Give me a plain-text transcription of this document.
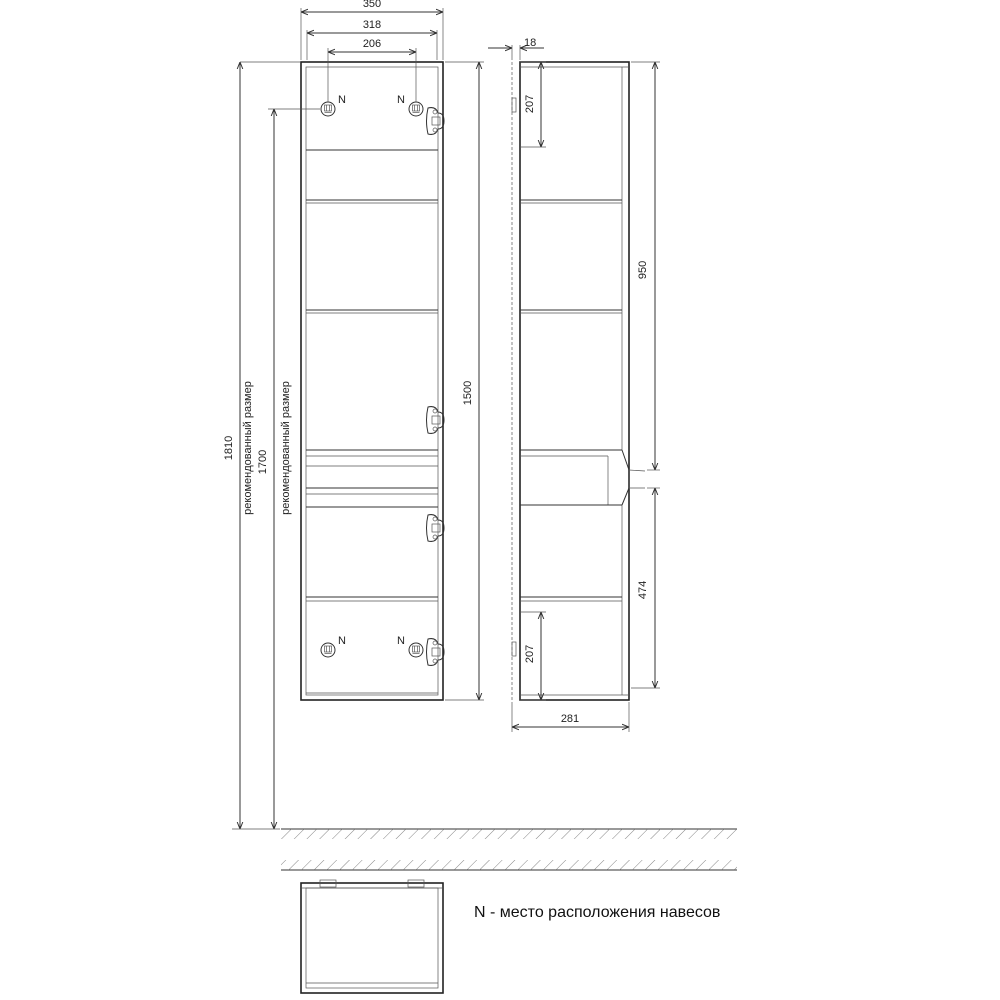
N	N
N	N
350
318
206
1500
1810 рекомендованный размер 1700 рекомендованный размер
18
207
207
950
474
281
N - место расположения навесов
